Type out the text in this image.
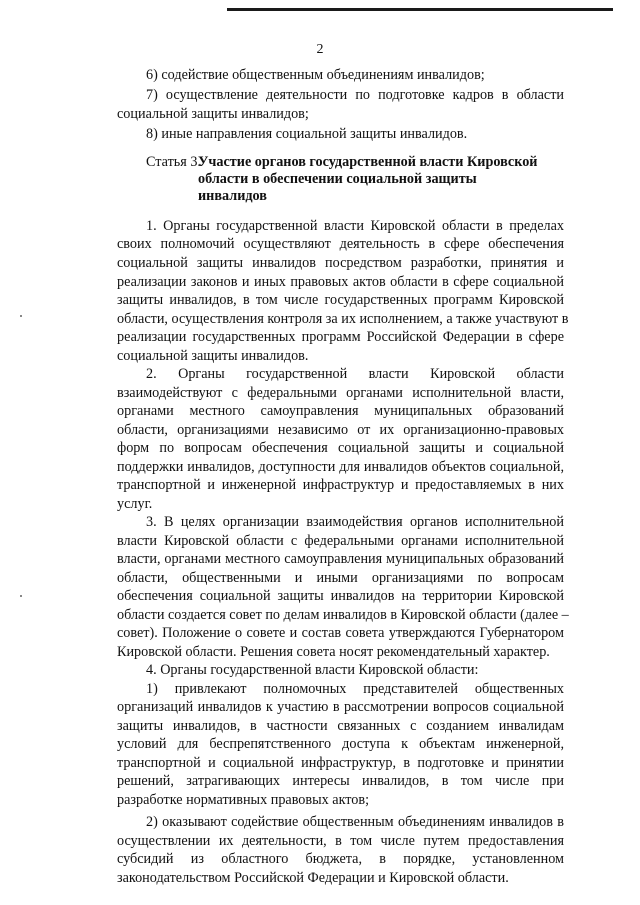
2
6) содействие общественным объединениям инвалидов;
7) осуществление деятельности по подготовке кадров в области
социальной защиты инвалидов;
8) иные направления социальной защиты инвалидов.
Статья 3.
Участие органов государственной власти Кировской
области в обеспечении социальной защиты
инвалидов
1. Органы государственной власти Кировской области в пределах
своих полномочий осуществляют деятельность в сфере обеспечения
социальной защиты инвалидов посредством разработки, принятия и
реализации законов и иных правовых актов области в сфере социальной
защиты инвалидов, в том числе государственных программ Кировской
области, осуществления контроля за их исполнением, а также участвуют в
реализации государственных программ Российской Федерации в сфере
социальной защиты инвалидов.
2. Органы государственной власти Кировской области
взаимодействуют с федеральными органами исполнительной власти,
органами местного самоуправления муниципальных образований
области, организациями независимо от их организационно-правовых
форм по вопросам обеспечения социальной защиты и социальной
поддержки инвалидов, доступности для инвалидов объектов социальной,
транспортной и инженерной инфраструктур и предоставляемых в них
услуг.
3. В целях организации взаимодействия органов исполнительной
власти Кировской области с федеральными органами исполнительной
власти, органами местного самоуправления муниципальных образований
области, общественными и иными организациями по вопросам
обеспечения социальной защиты инвалидов на территории Кировской
области создается совет по делам инвалидов в Кировской области (далее –
совет). Положение о совете и состав совета утверждаются Губернатором
Кировской области. Решения совета носят рекомендательный характер.
4. Органы государственной власти Кировской области:
1) привлекают полномочных представителей общественных
организаций инвалидов к участию в рассмотрении вопросов социальной
защиты инвалидов, в частности связанных с созданием инвалидам
условий для беспрепятственного доступа к объектам инженерной,
транспортной и социальной инфраструктур, в подготовке и принятии
решений, затрагивающих интересы инвалидов, в том числе при
разработке нормативных правовых актов;
2) оказывают содействие общественным объединениям инвалидов в
осуществлении их деятельности, в том числе путем предоставления
субсидий из областного бюджета, в порядке, установленном
законодательством Российской Федерации и Кировской области.
